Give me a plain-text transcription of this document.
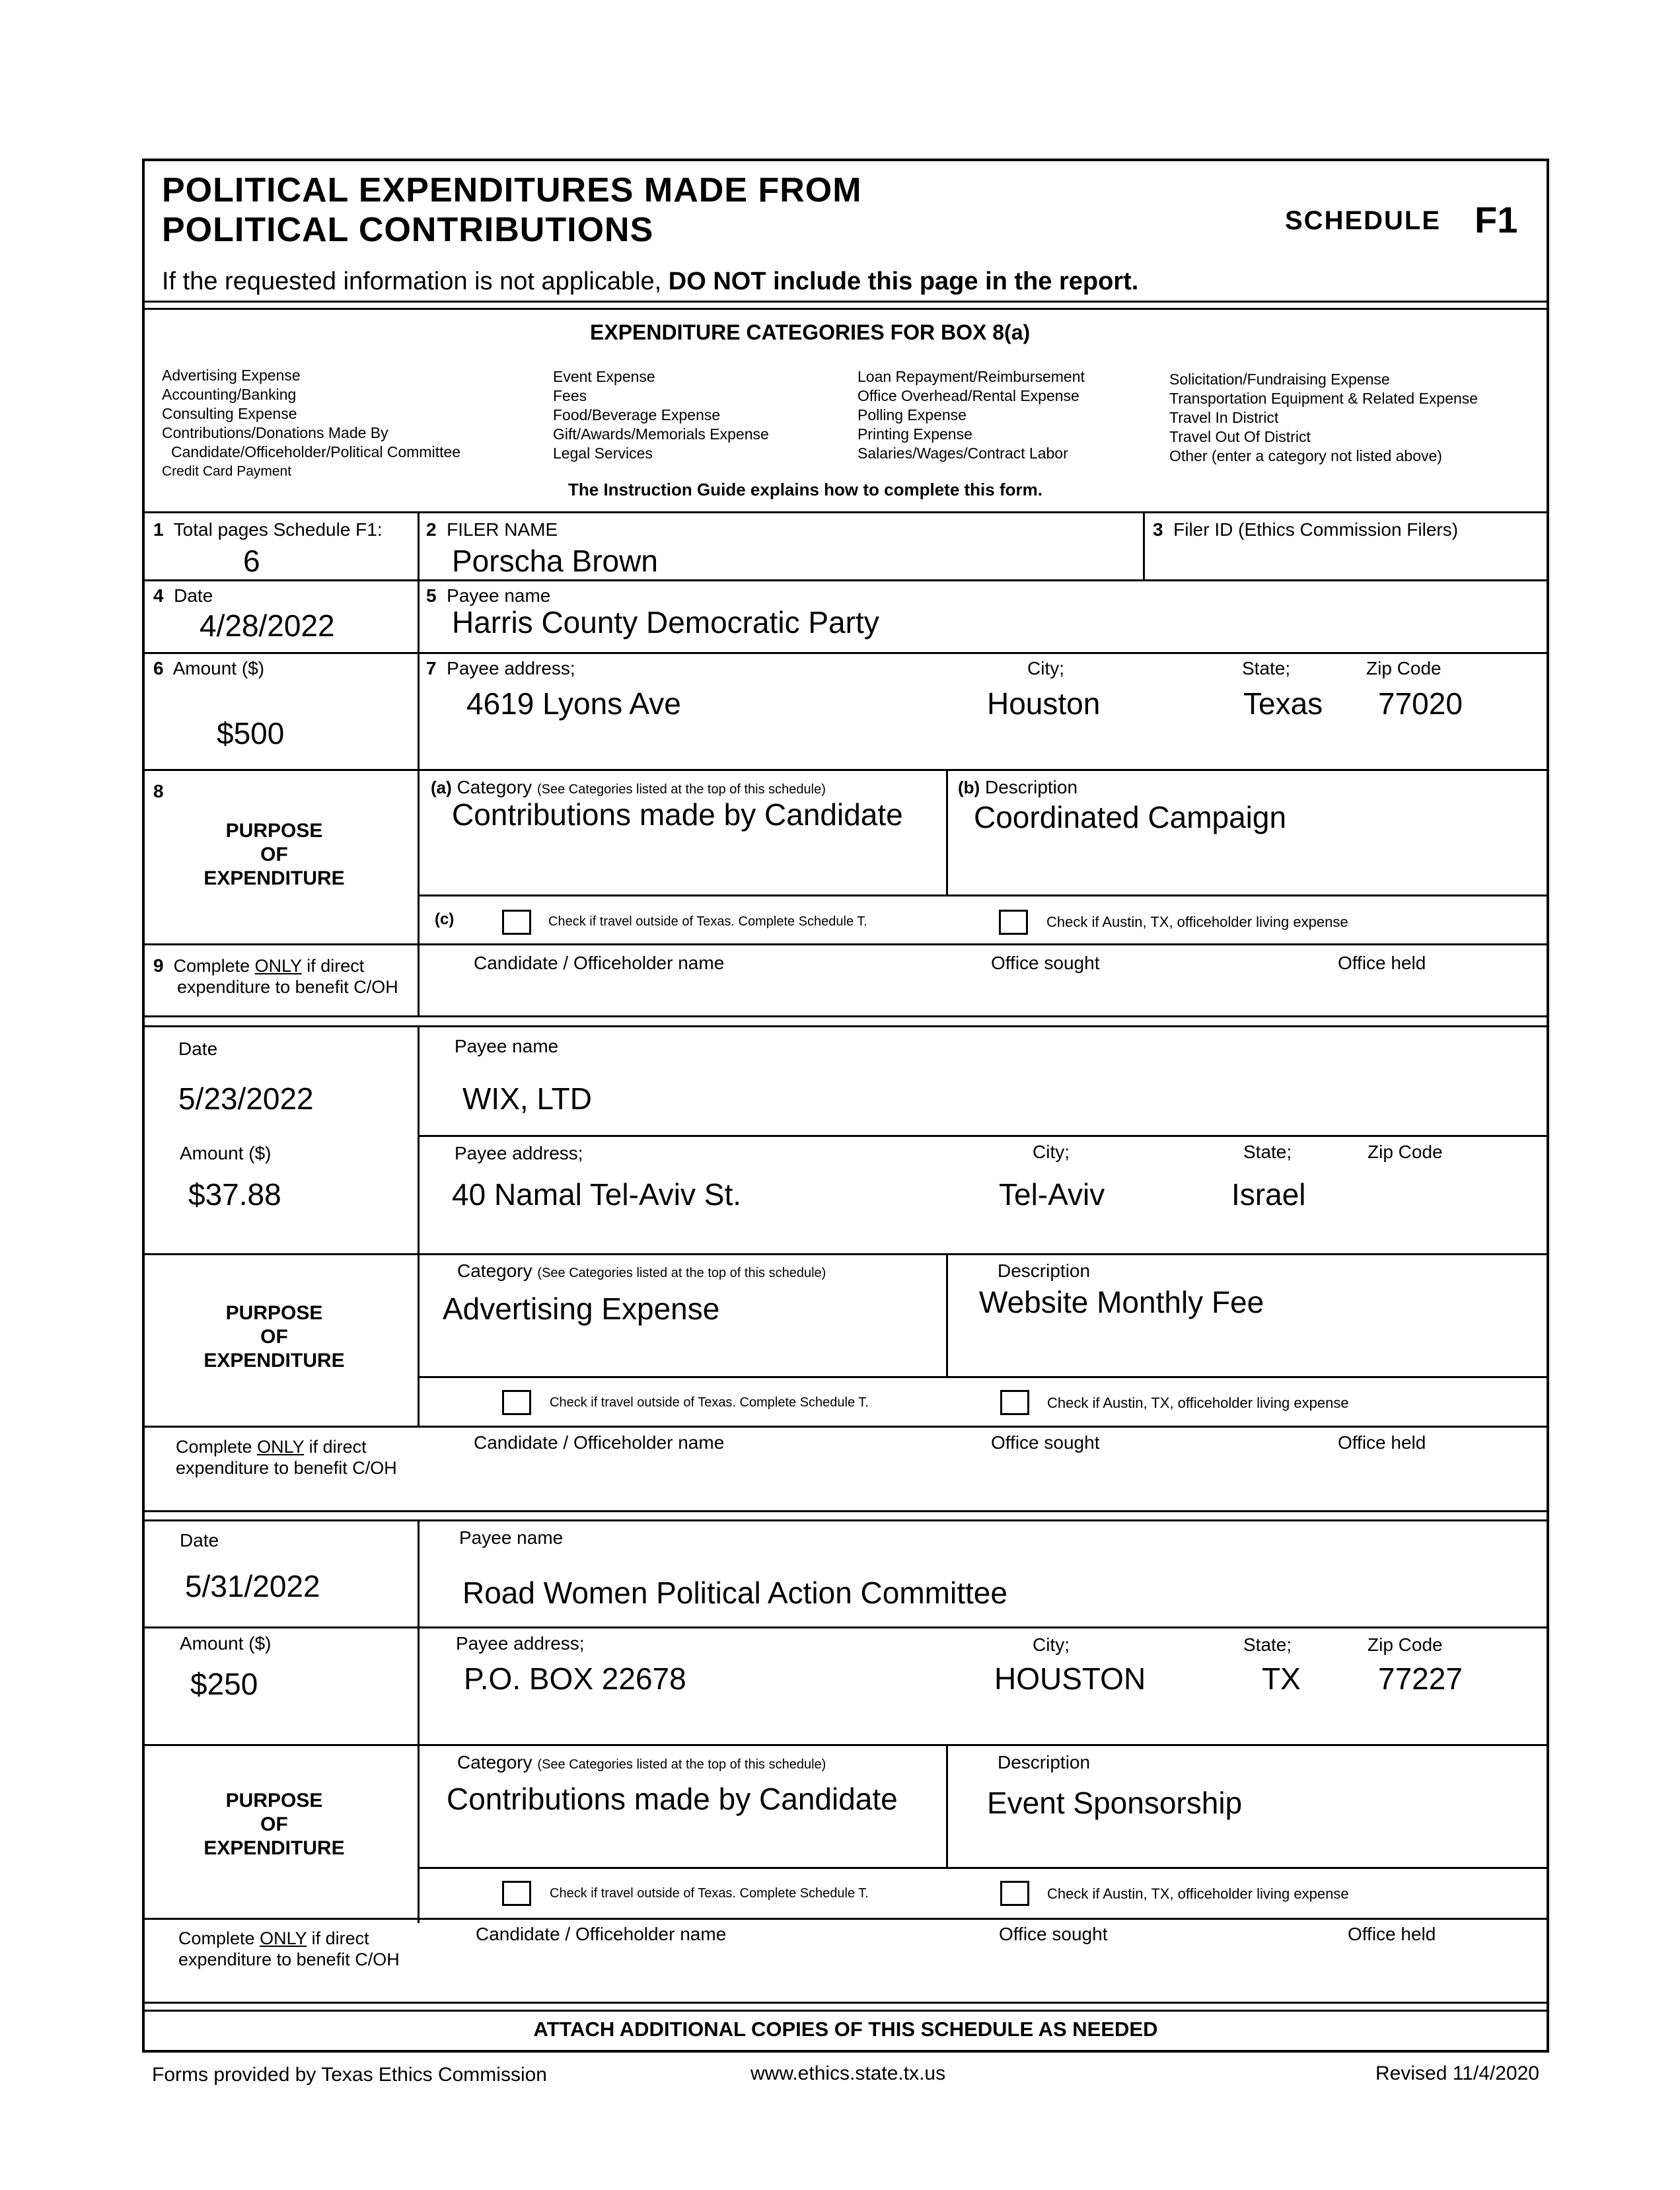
POLITICAL EXPENDITURES MADE FROM
POLITICAL CONTRIBUTIONS	SCHEDULE F1
If the requested information is not applicable, DO NOT include this page in the report.
EXPENDITURE CATEGORIES FOR BOX 8(a)
Advertising Expense
Accounting/Banking
Consulting Expense
Contributions/Donations Made By
Candidate/Officeholder/Political Committee
Credit Card Payment
Event Expense
Fees
Food/Beverage Expense
Gift/Awards/Memorials Expense
Legal Services
Loan Repayment/Reimbursement
Office Overhead/Rental Expense
Polling Expense
Printing Expense
Salaries/Wages/Contract Labor
Solicitation/Fundraising Expense
Transportation Equipment & Related Expense
Travel In District
Travel Out Of District
Other (enter a category not listed above)
The Instruction Guide explains how to complete this form.
1 Total pages Schedule F1:
6
2 FILER NAME
Porscha Brown
3 Filer ID (Ethics Commission Filers)
4 Date
4/28/2022
5 Payee name
Harris County Democratic Party
6 Amount ($)
$500
7 Payee address;	City;	State;	Zip Code
4619 Lyons Ave	Houston	Texas 77020
8
PURPOSE
OF
EXPENDITURE
(a) Category (See Categories listed at the top of this schedule)
Contributions made by Candidate
(b) Description
Coordinated Campaign
(c)	Check if travel outside of Texas. Complete Schedule T.	Check if Austin, TX, officeholder living expense
9 Complete ONLY if direct
expenditure to benefit C/OH
Candidate / Officeholder name	Office sought	Office held
Date
5/23/2022
Payee name
WIX, LTD
Amount ($)
$37.88
Payee address;	City;	State;	Zip Code
40 Namal Tel-Aviv St.	Tel-Aviv	Israel
PURPOSE
OF
EXPENDITURE
Category (See Categories listed at the top of this schedule)
Advertising Expense
Description
Website Monthly Fee
Check if travel outside of Texas. Complete Schedule T.	Check if Austin, TX, officeholder living expense
Complete ONLY if direct
expenditure to benefit C/OH
Candidate / Officeholder name	Office sought	Office held
Date
5/31/2022
Payee name
Road Women Political Action Committee
Amount ($)
$250
Payee address;	City;	State;	Zip Code
P.O. BOX 22678	HOUSTON	TX	77227
PURPOSE
OF
EXPENDITURE
Category (See Categories listed at the top of this schedule)
Contributions made by Candidate
Description
Event Sponsorship
Check if travel outside of Texas. Complete Schedule T.	Check if Austin, TX, officeholder living expense
Complete ONLY if direct
expenditure to benefit C/OH
Candidate / Officeholder name	Office sought	Office held
ATTACH ADDITIONAL COPIES OF THIS SCHEDULE AS NEEDED
Forms provided by Texas Ethics Commission	www.ethics.state.tx.us	Revised 11/4/2020
